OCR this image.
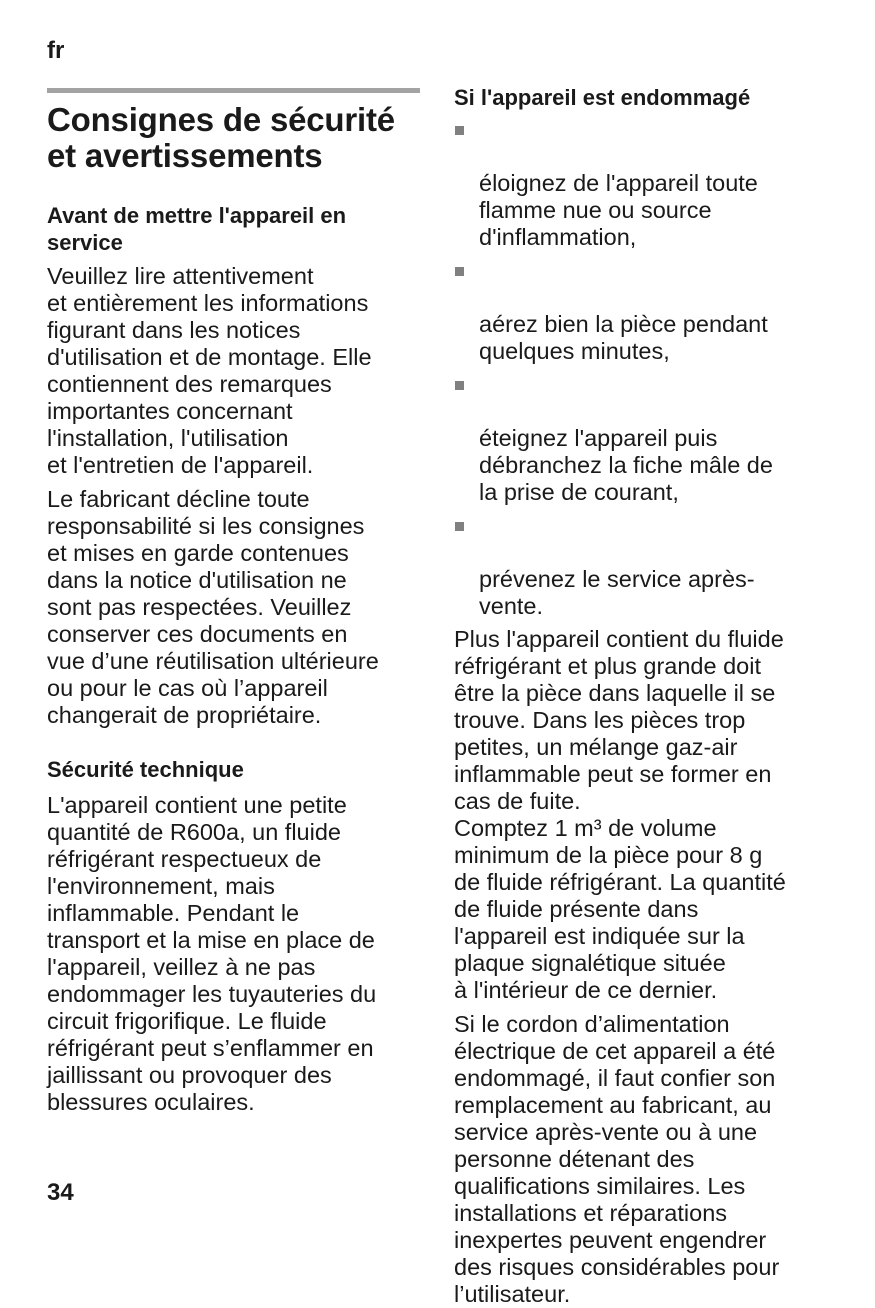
fr
Consignes de sécurité
et avertissements
Avant de mettre l'appareil en
service

Veuillez lire attentivement
et entièrement les informations
figurant dans les notices
d'utilisation et de montage. Elle
contiennent des remarques
importantes concernant
l'installation, l'utilisation
et l'entretien de l'appareil.

Le fabricant décline toute
responsabilité si les consignes
et mises en garde contenues
dans la notice d'utilisation ne
sont pas respectées. Veuillez
conserver ces documents en
vue d’une réutilisation ultérieure
ou pour le cas où l’appareil
changerait de propriétaire.

Sécurité technique

L'appareil contient une petite
quantité de R600a, un fluide
réfrigérant respectueux de
l'environnement, mais
inflammable. Pendant le
transport et la mise en place de
l'appareil, veillez à ne pas
endommager les tuyauteries du
circuit frigorifique. Le fluide
réfrigérant peut s’enflammer en
jaillissant ou provoquer des
blessures oculaires.

Si l'appareil est endommagé

éloignez de l'appareil toute
flamme nue ou source
d'inflammation,

aérez bien la pièce pendant
quelques minutes,

éteignez l'appareil puis
débranchez la fiche mâle de
la prise de courant,

prévenez le service après-
vente.

Plus l'appareil contient du fluide
réfrigérant et plus grande doit
être la pièce dans laquelle il se
trouve. Dans les pièces trop
petites, un mélange gaz-air
inflammable peut se former en
cas de fuite.
Comptez 1 m³ de volume
minimum de la pièce pour 8 g
de fluide réfrigérant. La quantité
de fluide présente dans
l'appareil est indiquée sur la
plaque signalétique située
à l'intérieur de ce dernier.

Si le cordon d’alimentation
électrique de cet appareil a été
endommagé, il faut confier son
remplacement au fabricant, au
service après-vente ou à une
personne détenant des
qualifications similaires. Les
installations et réparations
inexpertes peuvent engendrer
des risques considérables pour
l’utilisateur.

34
